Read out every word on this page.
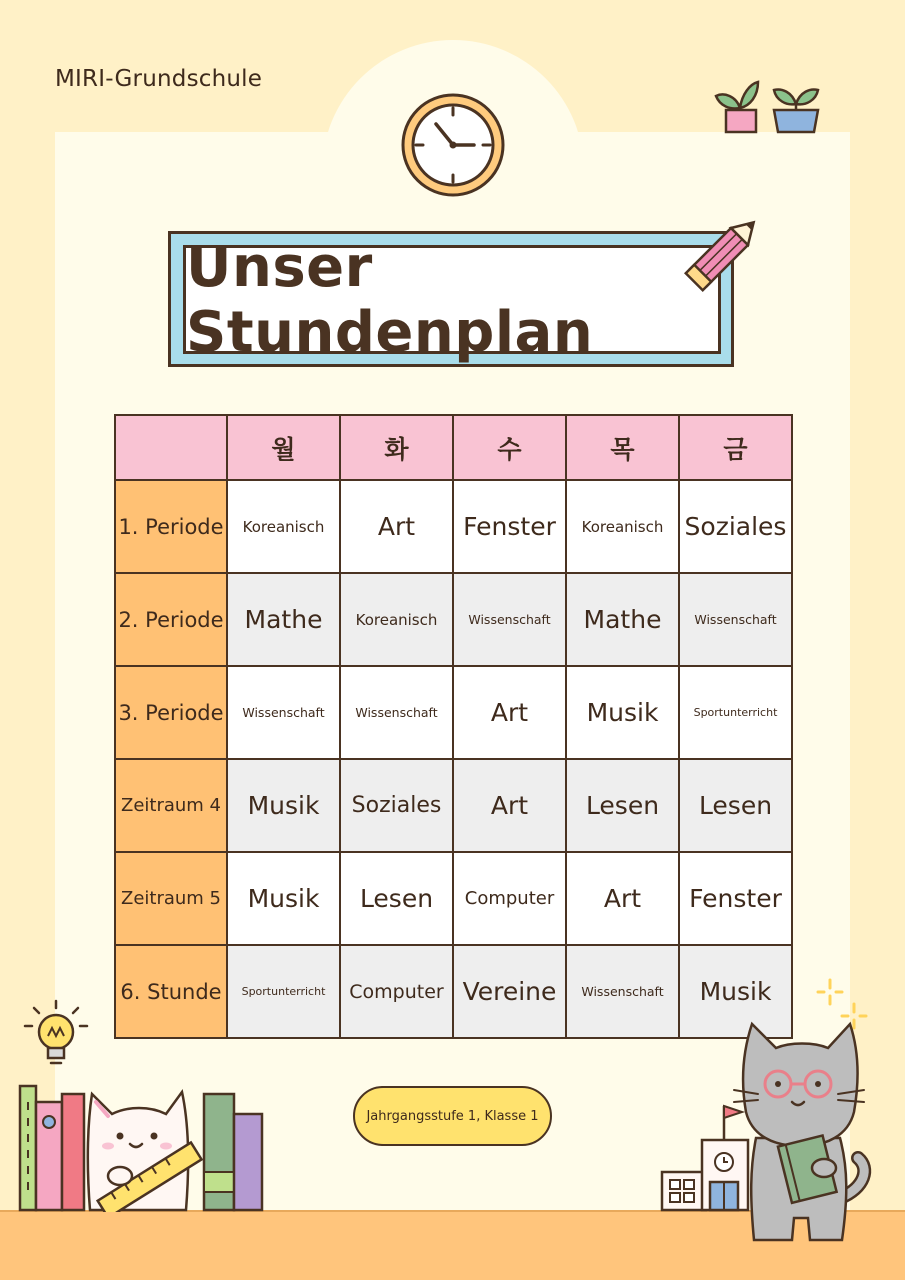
MIRI-Grundschule
Unser Stundenplan
	월	화	수	목	금
1. Periode	Koreanisch	Art	Fenster	Koreanisch	Soziales
2. Periode	Mathe	Koreanisch	Wissenschaft	Mathe	Wissenschaft
3. Periode	Wissenschaft	Wissenschaft	Art	Musik	Sportunterricht
Zeitraum 4	Musik	Soziales	Art	Lesen	Lesen
Zeitraum 5	Musik	Lesen	Computer	Art	Fenster
6. Stunde	Sportunterricht	Computer	Vereine	Wissenschaft	Musik
Jahrgangsstufe 1, Klasse 1
